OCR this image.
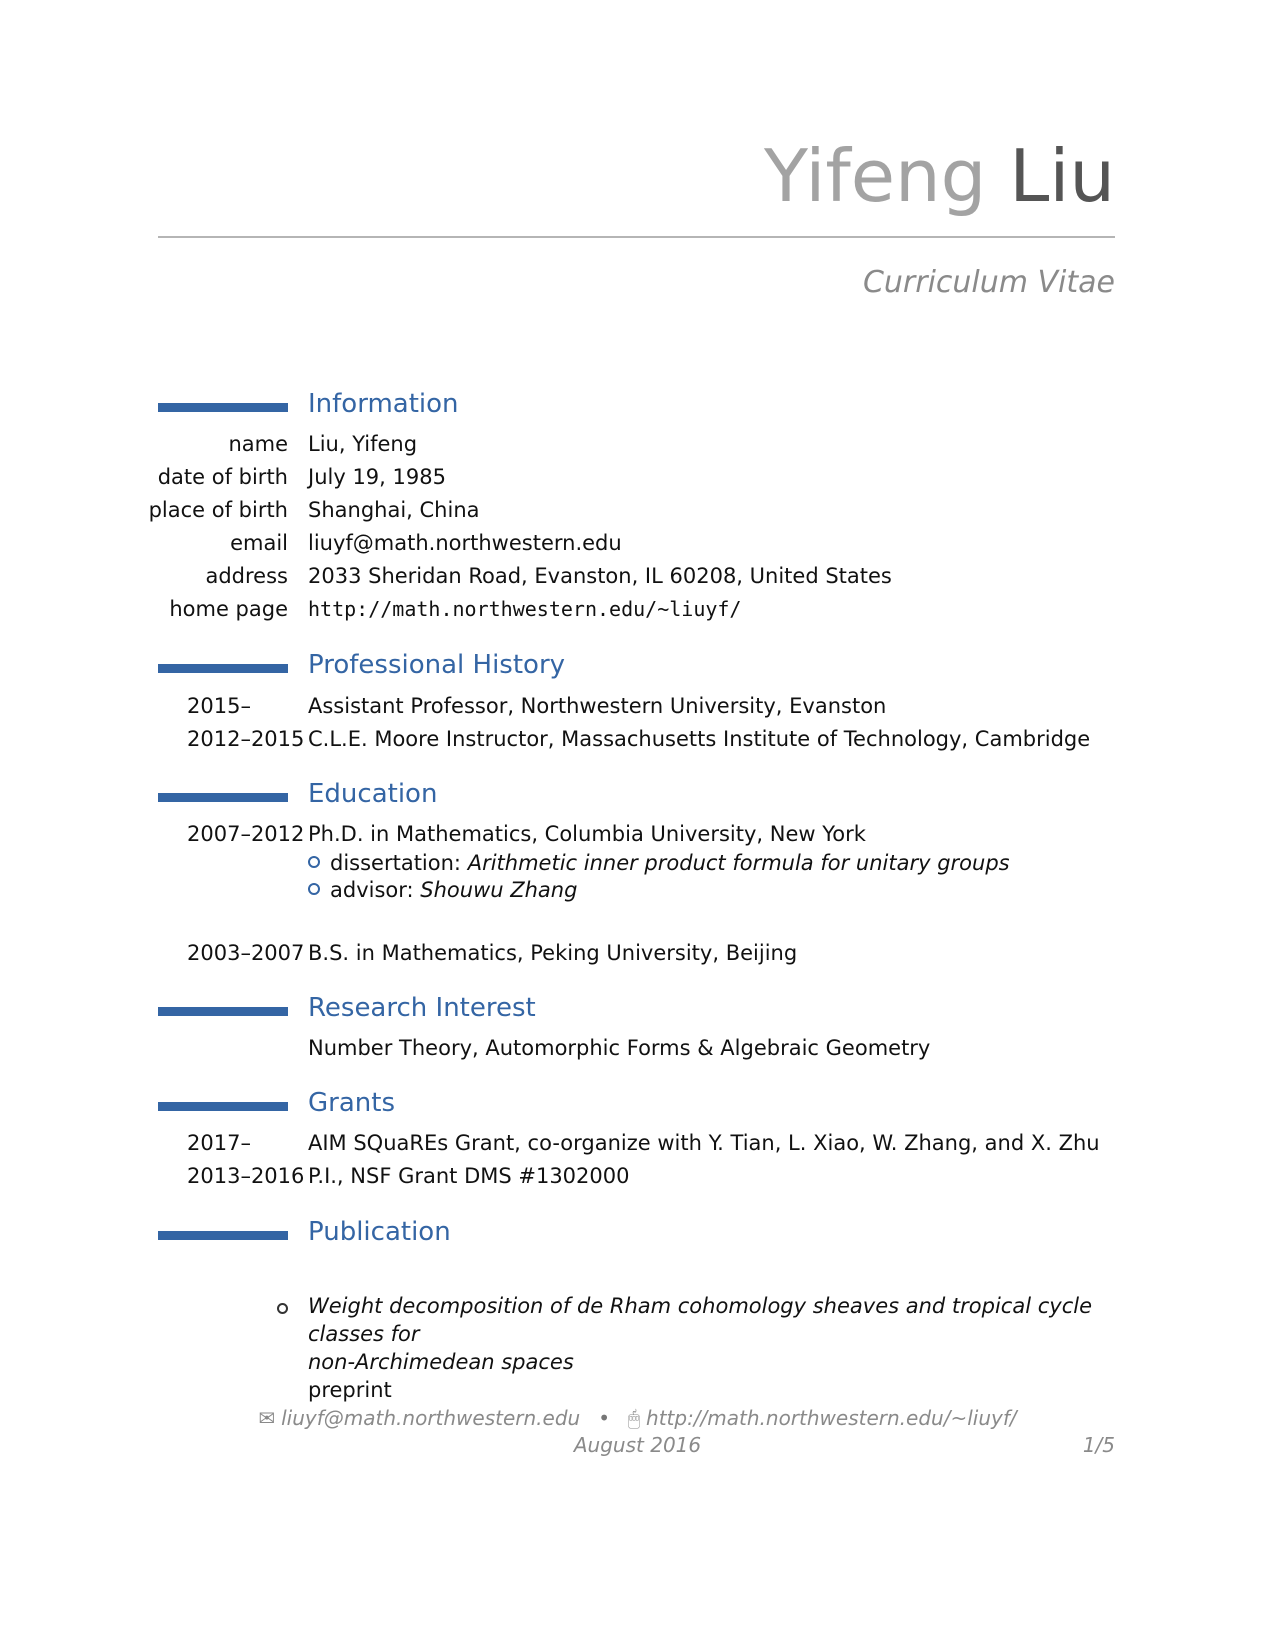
Yifeng Liu
Curriculum Vitae
Information
name Liu, Yifeng
date of birth July 19, 1985
place of birth Shanghai, China
email liuyf@math.northwestern.edu
address 2033 Sheridan Road, Evanston, IL 60208, United States
home page http://math.northwestern.edu/~liuyf/
Professional History
2015–	Assistant Professor, Northwestern University, Evanston
2012–2015 C.L.E. Moore Instructor, Massachusetts Institute of Technology, Cambridge
Education
2007–2012 Ph.D. in Mathematics, Columbia University, New York
dissertation: Arithmetic inner product formula for unitary groups
advisor: Shouwu Zhang
2003–2007 B.S. in Mathematics, Peking University, Beijing
Research Interest
Number Theory, Automorphic Forms & Algebraic Geometry
Grants
2017–	AIM SQuaREs Grant, co-organize with Y. Tian, L. Xiao, W. Zhang, and X. Zhu
2013–2016 P.I., NSF Grant DMS #1302000
Publication
Weight decomposition of de Rham cohomology sheaves and tropical cycle classes for
non-Archimedean spaces
preprint
✉ liuyf@math.northwestern.edu • 🖱 http://math.northwestern.edu/~liuyf/
August 2016	1/5
